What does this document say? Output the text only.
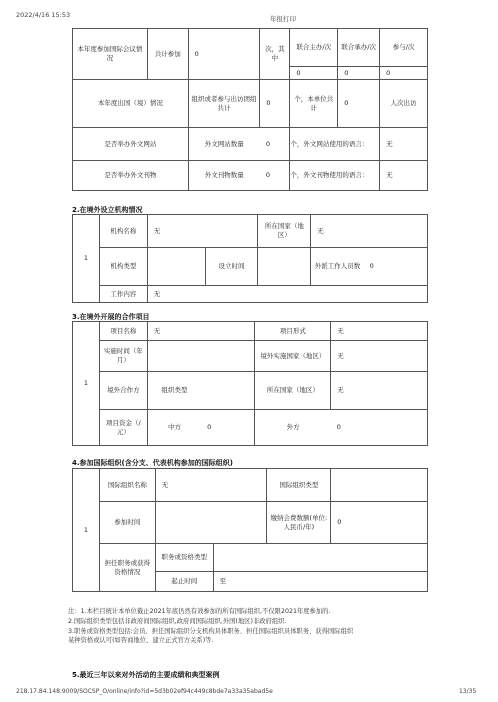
2022/4/16 15:53	年报打印
本年度参加国际会议情况	共计参加	0	次，其中	联合主办/次	联合承办/次	参与/次
				0	0	0
本年度出国（境）情况		组织或者参与出访团组共计	0	个，本单位共计	0	人次出访
是否举办外文网站		外文网站数量	0	个，外文网站使用的语言：		无
是否举办外文刊物		外文刊物数量	0	个，外文刊物使用的语言：		无
2.在境外设立机构情况
1	机构名称	无		所在国家（地区）	无	
	机构类型		设立时间		外派工作人员数	0
	工作内容	无				
3.在境外开展的合作项目
1	项目名称	无		项目形式	无
	实施时间（年月）			境外实施国家（地区）	无
	境外合作方	组织类型		所在国家（地区）	无
	项目资金（/元）	中方	0	外方	0
4.参加国际组织(含分支、代表机构参加的国际组织)
1	国际组织名称	无		国际组织类型	
	参加时间			缴纳会费数额(单位:人民币/年)	0
	担任职务或获得资格情况	职务或资格类型			
		起止时间	至		
注：1.本栏目统计本单位截止2021年底仍然有效参加的所有国际组织,不仅限2021年度参加的.
2.国际组织类型包括非政府间国际组织,政府间国际组织,外国(地区)非政府组织.
3.职务或资格类型包括:会员、担任国际组织分支机构具体职务、担任国际组织具体职务、获得国际组织
某种资格或认可(如咨商地位、建立正式官方关系)等.
5.最近三年以来对外活动的主要成绩和典型案例
218.17.84.148:9009/SOCSP_O/online/info?id=5d3b02ef94c449c8bde7a33a35abad5e	13/35
